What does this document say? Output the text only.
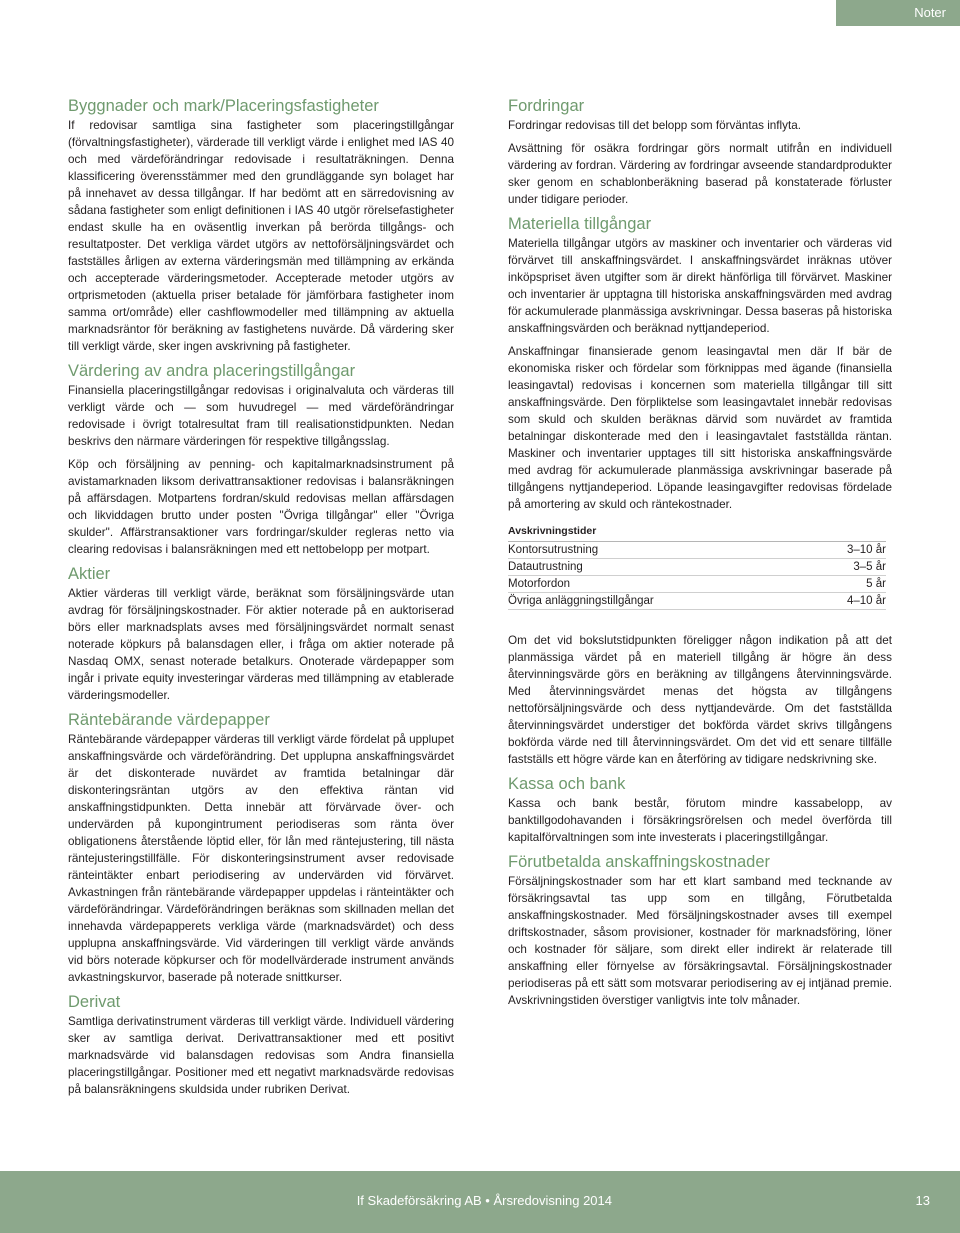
Noter
Byggnader och mark/Placeringsfastigheter

If redovisar samtliga sina fastigheter som placeringstillgångar (förvaltningsfastigheter), värderade till verkligt värde i enlighet med IAS 40 och med värdeförändringar redovisade i resultaträkningen. Denna klassificering överensstämmer med den grundläggande syn bolaget har på innehavet av dessa tillgångar. If har bedömt att en särredovisning av sådana fastigheter som enligt definitionen i IAS 40 utgör rörelsefastigheter endast skulle ha en oväsentlig inverkan på berörda tillgångs- och resultatposter. Det verkliga värdet utgörs av nettoförsäljningsvärdet och fastställes årligen av externa värderingsmän med tillämpning av erkända och accepterade värderingsmetoder. Accepterade metoder utgörs av ortprismetoden (aktuella priser betalade för jämförbara fastigheter inom samma ort/område) eller cashflowmodeller med tillämpning av aktuella marknadsräntor för beräkning av fastighetens nuvärde. Då värdering sker till verkligt värde, sker ingen avskrivning på fastigheter.

Värdering av andra placeringstillgångar

Finansiella placeringstillgångar redovisas i originalvaluta och värderas till verkligt värde och — som huvudregel — med värdeförändringar redovisade i övrigt totalresultat fram till realisationstidpunkten. Nedan beskrivs den närmare värderingen för respektive tillgångsslag.

Köp och försäljning av penning- och kapitalmarknadsinstrument på avistamarknaden liksom derivattransaktioner redovisas i balansräkningen på affärsdagen. Motpartens fordran/skuld redovisas mellan affärsdagen och likviddagen brutto under posten "Övriga tillgångar" eller "Övriga skulder". Affärstransaktioner vars fordringar/skulder regleras netto via clearing redovisas i balansräkningen med ett nettobelopp per motpart.

Aktier

Aktier värderas till verkligt värde, beräknat som försäljningsvärde utan avdrag för försäljningskostnader. För aktier noterade på en auktoriserad börs eller marknadsplats avses med försäljningsvärdet normalt senast noterade köpkurs på balansdagen eller, i fråga om aktier noterade på Nasdaq OMX, senast noterade betalkurs. Onoterade värdepapper som ingår i private equity investeringar värderas med tillämpning av etablerade värderingsmodeller.

Räntebärande värdepapper

Räntebärande värdepapper värderas till verkligt värde fördelat på upplupet anskaffningsvärde och värdeförändring. Det upplupna anskaffningsvärdet är det diskonterade nuvärdet av framtida betalningar där diskonteringsräntan utgörs av den effektiva räntan vid anskaffningstidpunkten. Detta innebär att förvärvade över- och undervärden på kupongintrument periodiseras som ränta över obligationens återstående löptid eller, för lån med räntejustering, till nästa räntejusteringstillfälle. För diskonteringsinstrument avser redovisade ränteintäkter enbart periodisering av undervärden vid förvärvet. Avkastningen från räntebärande värdepapper uppdelas i ränteintäkter och värdeförändringar. Värdeförändringen beräknas som skillnaden mellan det innehavda värdepapperets verkliga värde (marknadsvärdet) och dess upplupna anskaffningsvärde. Vid värderingen till verkligt värde används vid börs noterade köpkurser och för modellvärderade instrument används avkastningskurvor, baserade på noterade snittkurser.

Derivat

Samtliga derivatinstrument värderas till verkligt värde. Individuell värdering sker av samtliga derivat. Derivattransaktioner med ett positivt marknadsvärde vid balansdagen redovisas som Andra finansiella placeringstillgångar. Positioner med ett negativt marknadsvärde redovisas på balansräkningens skuldsida under rubriken Derivat.

Fordringar

Fordringar redovisas till det belopp som förväntas inflyta.

Avsättning för osäkra fordringar görs normalt utifrån en individuell värdering av fordran. Värdering av fordringar avseende standardprodukter sker genom en schablonberäkning baserad på konstaterade förluster under tidigare perioder.

Materiella tillgångar

Materiella tillgångar utgörs av maskiner och inventarier och värderas vid förvärvet till anskaffningsvärdet. I anskaffningsvärdet inräknas utöver inköpspriset även utgifter som är direkt hänförliga till förvärvet. Maskiner och inventarier är upptagna till historiska anskaffningsvärden med avdrag för ackumulerade planmässiga avskrivningar. Dessa baseras på historiska anskaffningsvärden och beräknad nyttjandeperiod.

Anskaffningar finansierade genom leasingavtal men där If bär de ekonomiska risker och fördelar som förknippas med ägande (finansiella leasingavtal) redovisas i koncernen som materiella tillgångar till sitt anskaffningsvärde. Den förpliktelse som leasingavtalet innebär redovisas som skuld och skulden beräknas därvid som nuvärdet av framtida betalningar diskonterade med den i leasingavtalet fastställda räntan. Maskiner och inventarier upptages till sitt historiska anskaffningsvärde med avdrag för ackumulerade planmässiga avskrivningar baserade på tillgångens nyttjandeperiod. Löpande leasingavgifter redovisas fördelade på amortering av skuld och räntekostnader.

Avskrivningstider
Kontorsutrustning	3–10 år
Datautrustning	3–5 år
Motorfordon	5 år
Övriga anläggningstillgångar	4–10 år

Om det vid bokslutstidpunkten föreligger någon indikation på att det planmässiga värdet på en materiell tillgång är högre än dess återvinningsvärde görs en beräkning av tillgångens återvinningsvärde. Med återvinningsvärdet menas det högsta av tillgångens nettoförsäljningsvärde och dess nyttjandevärde. Om det fastställda återvinningsvärdet understiger det bokförda värdet skrivs tillgångens bokförda värde ned till återvinningsvärdet. Om det vid ett senare tillfälle fastställs ett högre värde kan en återföring av tidigare nedskrivning ske.

Kassa och bank

Kassa och bank består, förutom mindre kassabelopp, av banktillgodohavanden i försäkringsrörelsen och medel överförda till kapitalförvaltningen som inte investerats i placeringstillgångar.

Förutbetalda anskaffningskostnader

Försäljningskostnader som har ett klart samband med tecknande av försäkringsavtal tas upp som en tillgång, Förutbetalda anskaffningskostnader. Med försäljningskostnader avses till exempel driftskostnader, såsom provisioner, kostnader för marknadsföring, löner och kostnader för säljare, som direkt eller indirekt är relaterade till anskaffning eller förnyelse av försäkringsavtal. Försäljningskostnader periodiseras på ett sätt som motsvarar periodisering av ej intjänad premie. Avskrivningstiden överstiger vanligtvis inte tolv månader.

If Skadeförsäkring AB • Årsredovisning 2014	13
